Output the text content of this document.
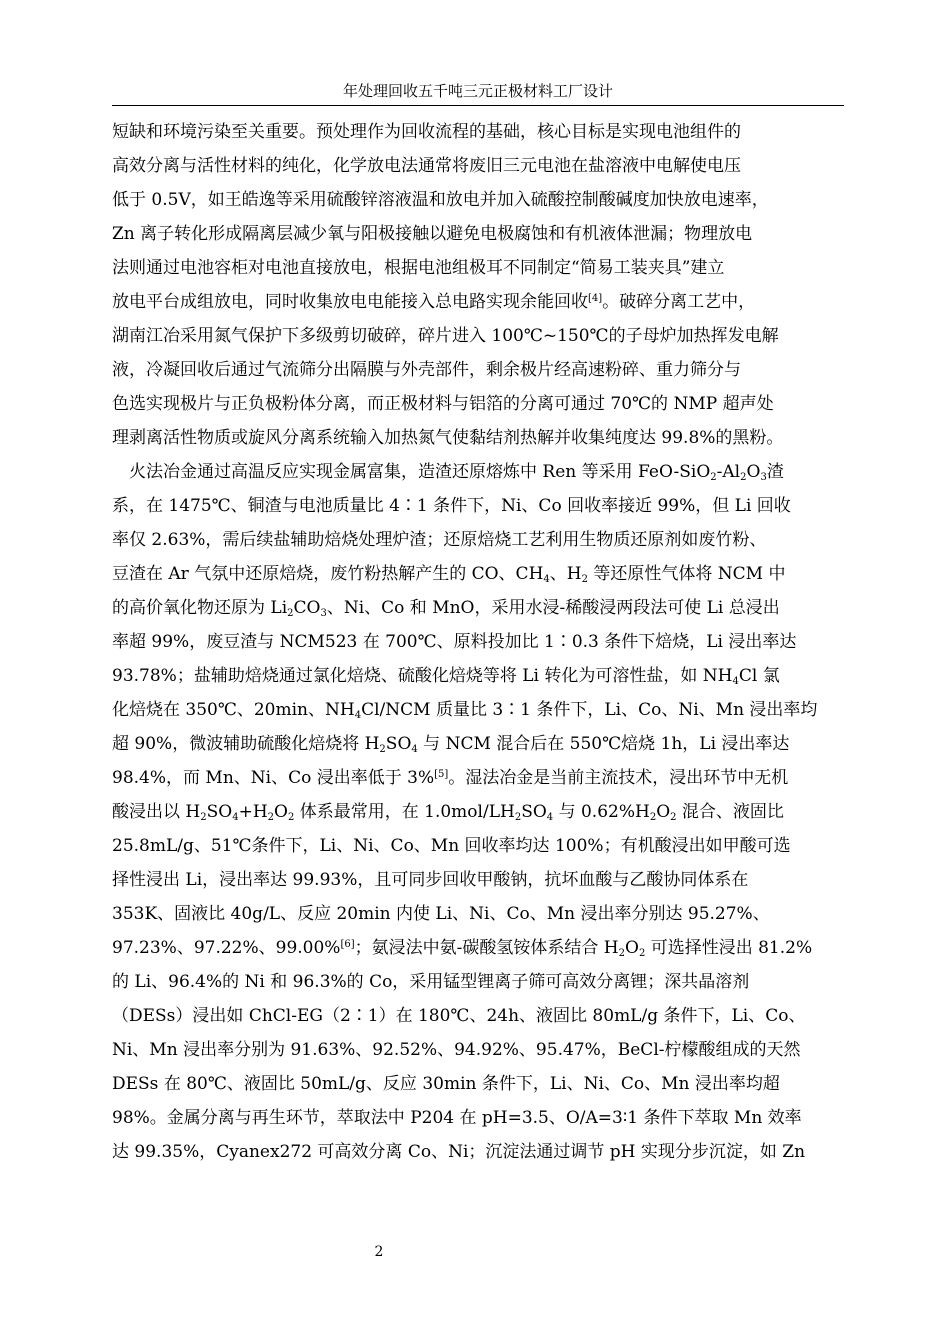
年处理回收五千吨三元正极材料工厂设计
短缺和环境污染至关重要。预处理作为回收流程的基础，核心目标是实现电池组件的
高效分离与活性材料的纯化，化学放电法通常将废旧三元电池在盐溶液中电解使电压
低于 0.5V，如王皓逸等采用硫酸锌溶液温和放电并加入硫酸控制酸碱度加快放电速率，
Zn 离子转化形成隔离层减少氧与阳极接触以避免电极腐蚀和有机液体泄漏；物理放电
法则通过电池容柜对电池直接放电，根据电池组极耳不同制定“简易工装夹具”建立
放电平台成组放电，同时收集放电电能接入总电路实现余能回收[4]。破碎分离工艺中，
湖南江冶采用氮气保护下多级剪切破碎，碎片进入 100℃~150℃的子母炉加热挥发电解
液，冷凝回收后通过气流筛分出隔膜与外壳部件，剩余极片经高速粉碎、重力筛分与
色选实现极片与正负极粉体分离，而正极材料与铝箔的分离可通过 70℃的 NMP 超声处
理剥离活性物质或旋风分离系统输入加热氮气使黏结剂热解并收集纯度达 99.8%的黑粉。
火法冶金通过高温反应实现金属富集，造渣还原熔炼中 Ren 等采用 FeO-$SiO_2-Al_2O_3$渣
系，在 1475℃、铜渣与电池质量比 4∶1 条件下，Ni、Co 回收率接近 99%，但 Li 回收
率仅 2.63%，需后续盐辅助焙烧处理炉渣；还原焙烧工艺利用生物质还原剂如废竹粉、
豆渣在 Ar 气氛中还原焙烧，废竹粉热解产生的 CO、$CH_4$、$H_2$ 等还原性气体将 NCM 中
的高价氧化物还原为 $Li_2CO_3$、Ni、Co 和 MnO，采用水浸-稀酸浸两段法可使 Li 总浸出
率超 99%，废豆渣与 NCM523 在 700℃、原料投加比 1∶0.3 条件下焙烧，Li 浸出率达
93.78%；盐辅助焙烧通过氯化焙烧、硫酸化焙烧等将 Li 转化为可溶性盐，如 $NH_4Cl$ 氯
化焙烧在 350℃、20min、$NH_4Cl$/NCM 质量比 3∶1 条件下，Li、Co、Ni、Mn 浸出率均
超 90%，微波辅助硫酸化焙烧将 $H_2SO_4$ 与 NCM 混合后在 550℃焙烧 1h，Li 浸出率达
98.4%，而 Mn、Ni、Co 浸出率低于 3%[5]。湿法冶金是当前主流技术，浸出环节中无机
酸浸出以 $H_2SO_4+H_2O_2$ 体系最常用，在 $1.0mol/LH_2SO_4$ 与 $0.62\%H_2O_2$ 混合、液固比
25.8mL/g、51℃条件下，Li、Ni、Co、Mn 回收率均达 100%；有机酸浸出如甲酸可选
择性浸出 Li，浸出率达 99.93%，且可同步回收甲酸钠，抗坏血酸与乙酸协同体系在
353K、固液比 40g/L、反应 20min 内使 Li、Ni、Co、Mn 浸出率分别达 95.27%、
97.23%、97.22%、99.00%[6]；氨浸法中氨-碳酸氢铵体系结合 $H_2O_2$ 可选择性浸出 81.2%
的 Li、96.4%的 Ni 和 96.3%的 Co，采用锰型锂离子筛可高效分离锂；深共晶溶剂
（DESs）浸出如 ChCl-EG（2∶1）在 180℃、24h、液固比 80mL/g 条件下，Li、Co、
Ni、Mn 浸出率分别为 91.63%、92.52%、94.92%、95.47%，BeCl-柠檬酸组成的天然
DESs 在 80℃、液固比 50mL/g、反应 30min 条件下，Li、Ni、Co、Mn 浸出率均超
98%。金属分离与再生环节，萃取法中 P204 在 pH=3.5、O/A=3∶1 条件下萃取 Mn 效率
达 99.35%，Cyanex272 可高效分离 Co、Ni；沉淀法通过调节 pH 实现分步沉淀，如 Zn
2
